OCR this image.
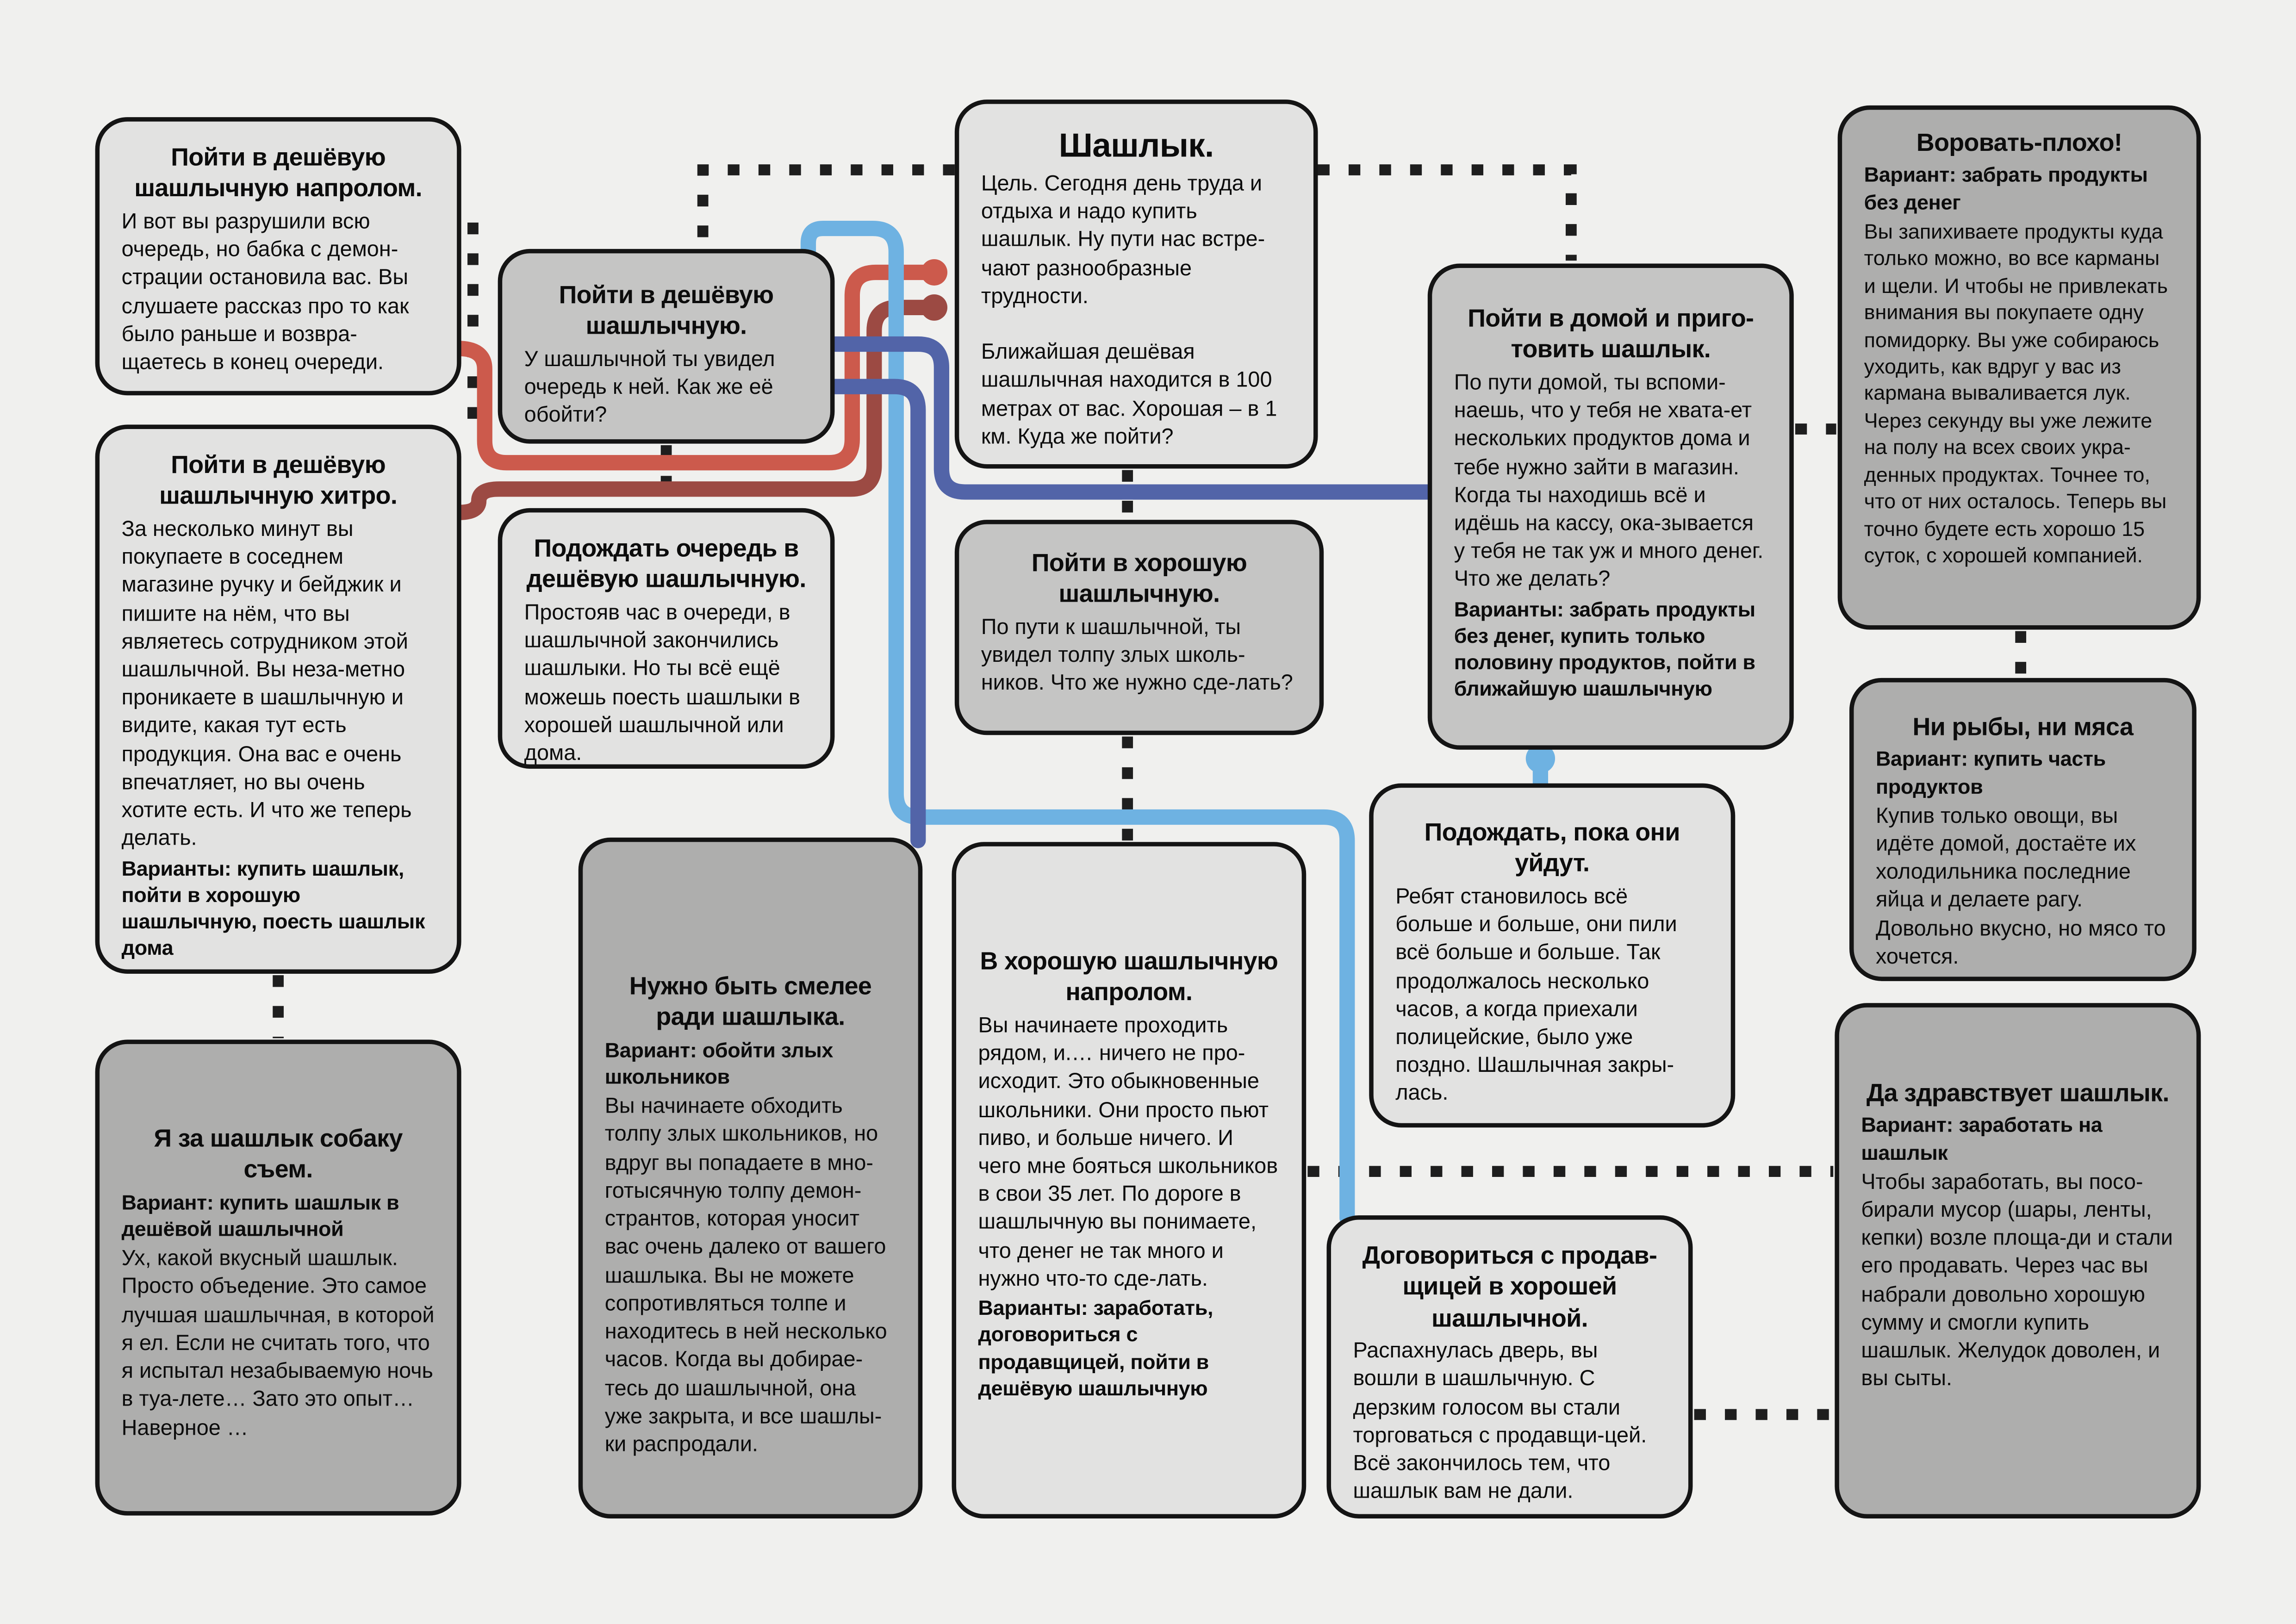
Пойти в дешёвую шашлычную напролом.
И вот вы разрушили всю очередь, но бабка с демон-страции остановила вас. Вы слушаете рассказ про то как было раньше и возвра-щаетесь в конец очереди.
Пойти в дешёвую шашлычную хитро.
За несколько минут вы покупаете в соседнем магазине ручку и бейджик и пишите на нём, что вы являетесь сотрудником этой шашлычной. Вы неза-метно проникаете в шашлычную и видите, какая тут есть продукция. Она вас е очень впечатляет, но вы очень хотите есть. И что же теперь делать.
Варианты: купить шашлык, пойти в хорошую шашлычную, поесть шашлык дома
Я за шашлык собаку съем.
Вариант: купить шашлык в дешёвой шашлычной
Ух, какой вкусный шашлык. Просто объедение. Это самое лучшая шашлычная, в которой я ел. Если не считать того, что я испытал незабываемую ночь в туа-лете… Зато это опыт… Наверное …
Пойти в дешёвую шашлычную.
У шашлычной ты увидел очередь к ней. Как же её обойти?
Подождать очередь в дешёвую шашлычную.
Простояв час в очереди, в шашлычной закончились шашлыки. Но ты всё ещё можешь поесть шашлыки в хорошей шашлычной или дома.
Шашлык.
Цель. Сегодня день труда и отдыха и надо купить шашлык. Ну пути нас встре-чают разнообразные трудности.
Ближайшая дешёвая шашлычная находится в 100 метрах от вас. Хорошая – в 1 км. Куда же пойти?
Пойти в хорошую шашлычную.
По пути к шашлычной, ты увидел толпу злых школь-ников. Что же нужно сде-лать?
Нужно быть смелее ради шашлыка.
Вариант: обойти злых школьников
Вы начинаете обходить толпу злых школьников, но вдруг вы попадаете в мно-готысячную толпу демон-странтов, которая уносит вас очень далеко от вашего шашлыка. Вы не можете сопротивляться толпе и находитесь в ней несколько часов. Когда вы добирае-тесь до шашлычной, она уже закрыта, и все шашлы-ки распродали.
В хорошую шашлычную напролом.
Вы начинаете проходить рядом, и.… ничего не про-исходит. Это обыкновенные школьники. Они просто пьют пиво, и больше ничего. И чего мне бояться школьников в свои 35 лет. По дороге в шашлычную вы понимаете, что денег не так много и нужно что-то сде-лать.
Варианты: заработать, договориться с продавщицей, пойти в дешёвую шашлычную
Пойти в домой и приго-товить шашлык.
По пути домой, ты вспоми-наешь, что у тебя не хвата-ет нескольких продуктов дома и тебе нужно зайти в магазин. Когда ты находишь всё и идёшь на кассу, ока-зывается у тебя не так уж и много денег. Что же делать?
Варианты: забрать продукты без денег, купить только половину продуктов, пойти в ближайшую шашлычную
Подождать, пока они уйдут.
Ребят становилось всё больше и больше, они пили всё больше и больше. Так продолжалось несколько часов, а когда приехали полицейские, было уже поздно. Шашлычная закры-лась.
Договориться с продав-щицей в хорошей шашлычной.
Распахнулась дверь, вы вошли в шашлычную. С дерзким голосом вы стали торговаться с продавщи-цей. Всё закончилось тем, что шашлык вам не дали.
Воровать-плохо!
Вариант: забрать продукты без денег
Вы запихиваете продукты куда только можно, во все карманы и щели. И чтобы не привлекать внимания вы покупаете одну помидорку. Вы уже собираюсь уходить, как вдруг у вас из кармана вываливается лук. Через секунду вы уже лежите на полу на всех своих укра-денных продуктах. Точнее то, что от них осталось. Теперь вы точно будете есть хорошо 15 суток, с хорошей компанией.
Ни рыбы, ни мяса
Вариант: купить часть продуктов
Купив только овощи, вы идёте домой, достаёте их холодильника последние яйца и делаете рагу. Довольно вкусно, но мясо то хочется.
Да здравствует шашлык.
Вариант: заработать на шашлык
Чтобы заработать, вы посо-бирали мусор (шары, ленты, кепки) возле площа-ди и стали его продавать. Через час вы набрали довольно хорошую сумму и смогли купить шашлык. Желудок доволен, и вы сыты.
